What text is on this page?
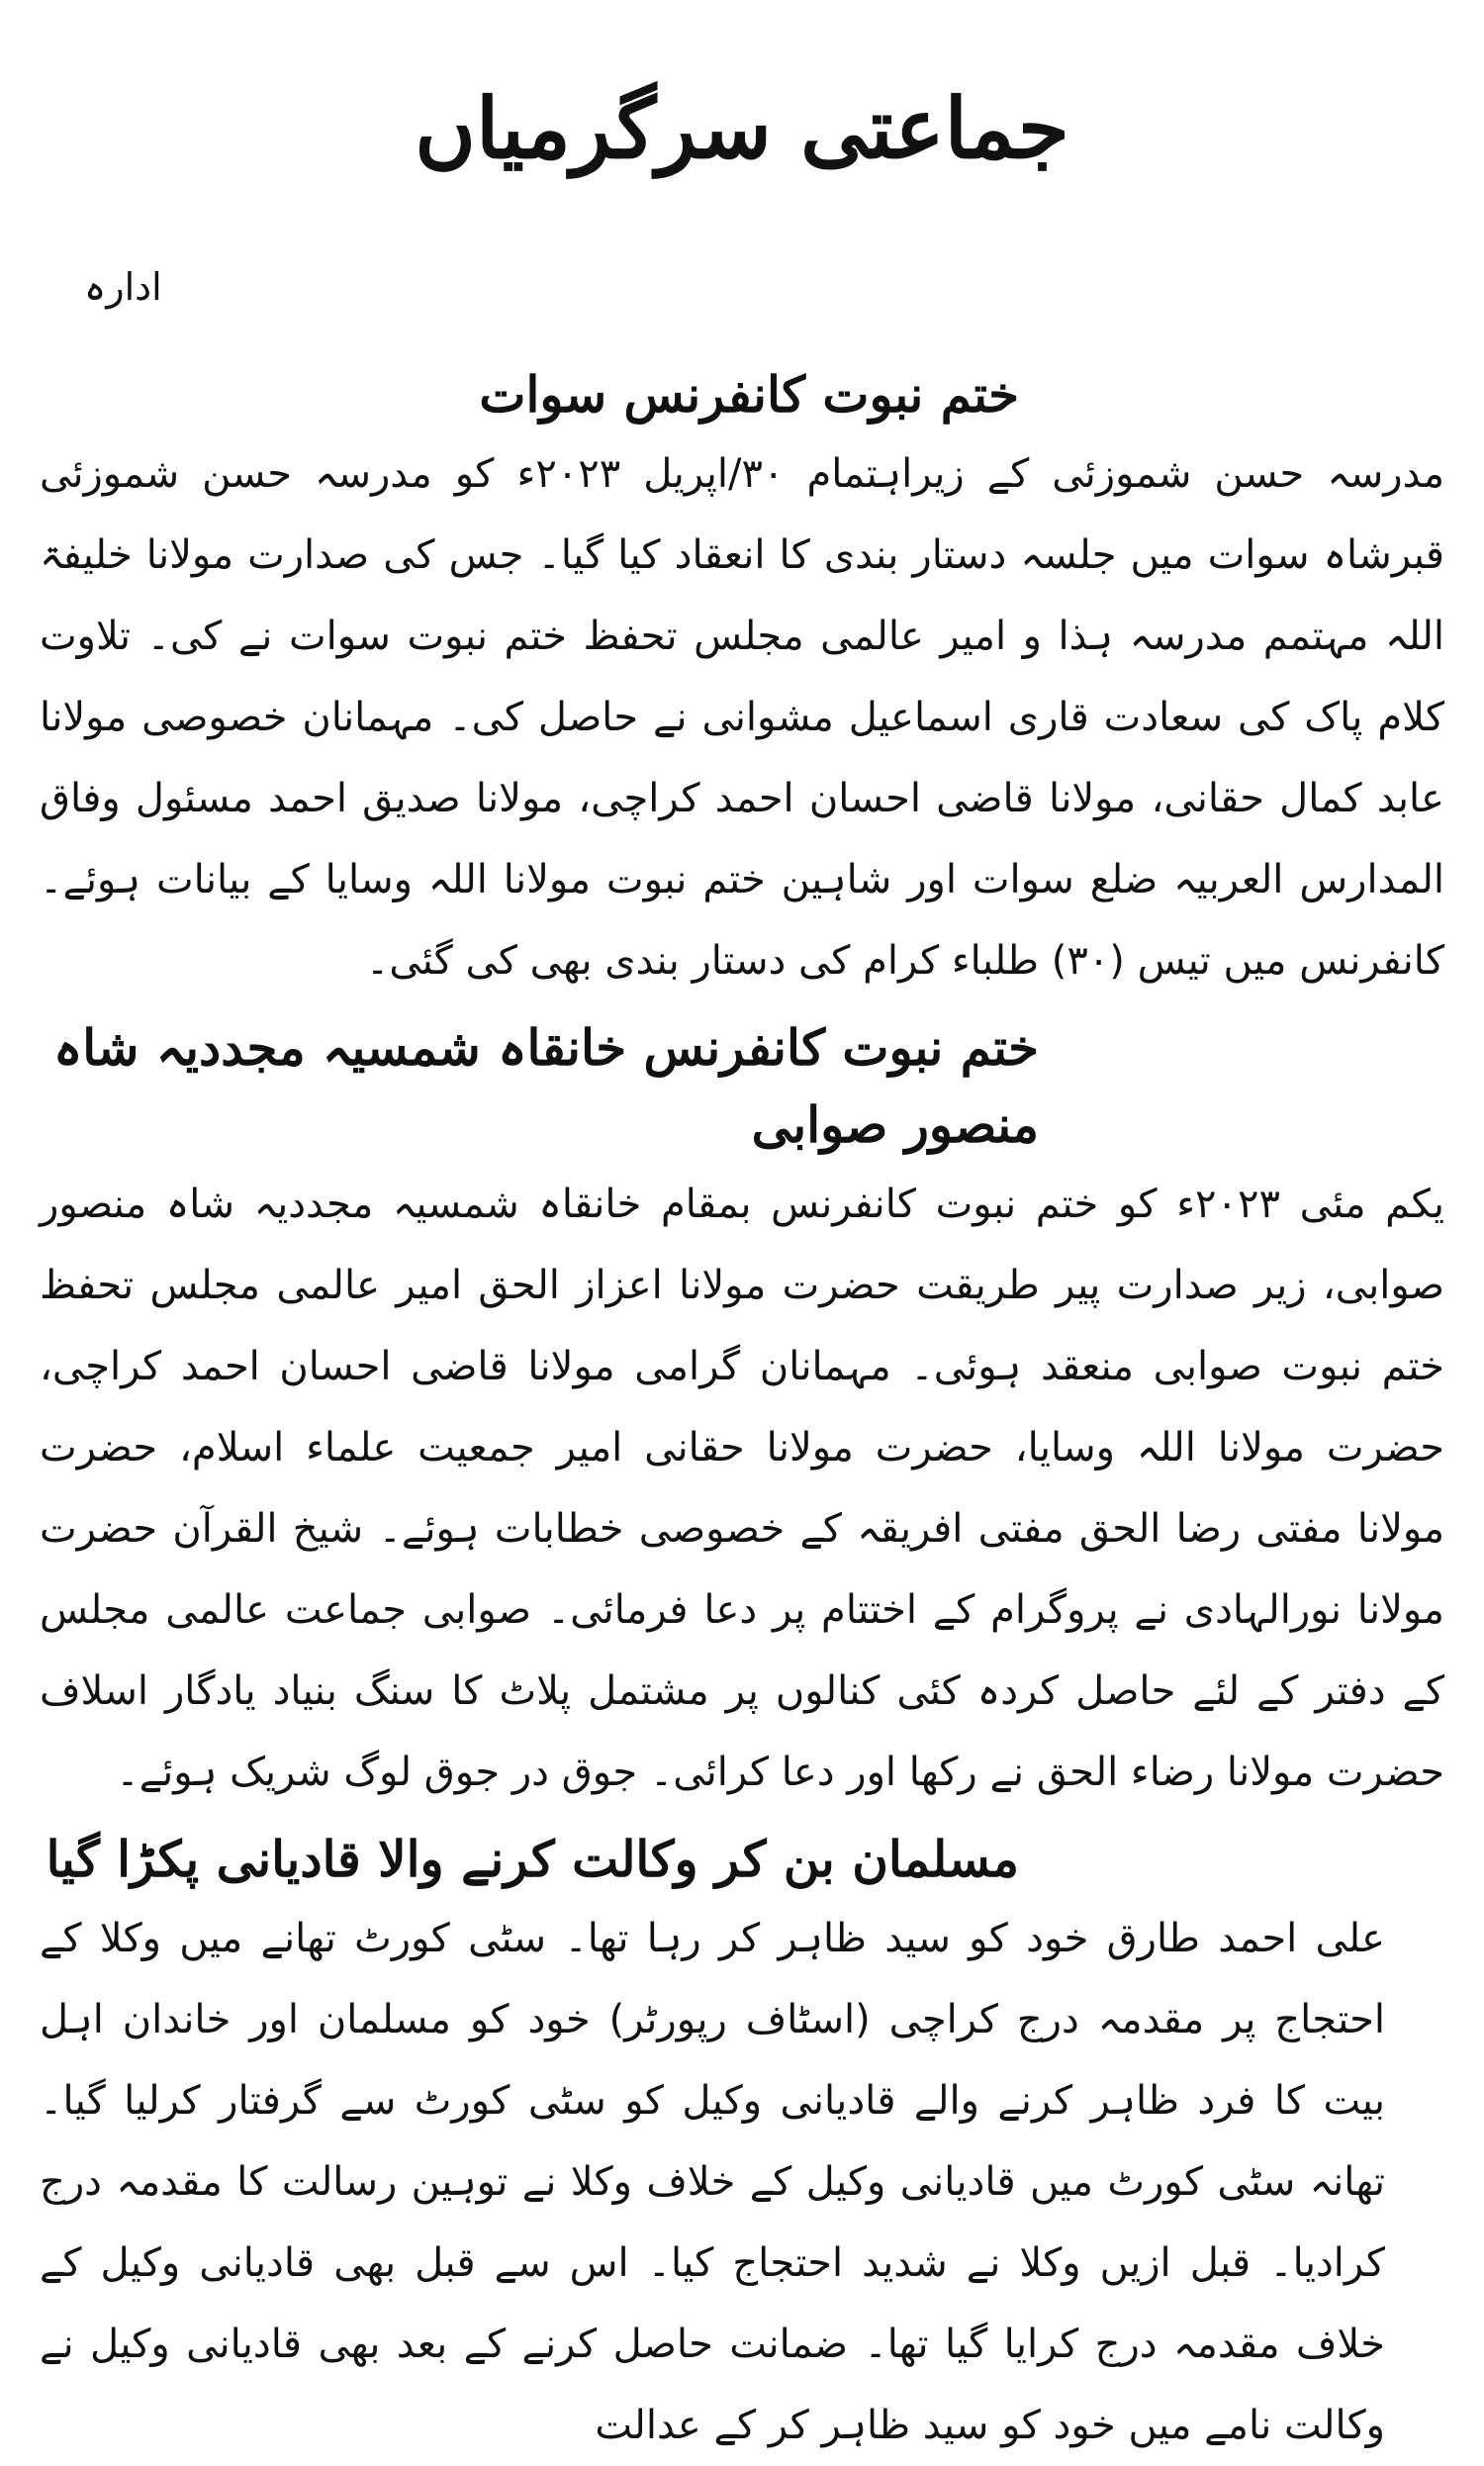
جماعتی سرگرمیاں
ادارہ
ختم نبوت کانفرنس سوات

مدرسہ حسن شموزئی کے زیراہتمام ۳۰/اپریل ۲۰۲۳ء کو مدرسہ حسن شموزئی قبرشاہ سوات میں جلسہ دستار بندی کا انعقاد کیا گیا۔ جس کی صدارت مولانا خلیفۃ اللہ مہتمم مدرسہ ہذا و امیر عالمی مجلس تحفظ ختم نبوت سوات نے کی۔ تلاوت کلام پاک کی سعادت قاری اسماعیل مشوانی نے حاصل کی۔ مہمانان خصوصی مولانا عابد کمال حقانی، مولانا قاضی احسان احمد کراچی، مولانا صدیق احمد مسئول وفاق المدارس العربیہ ضلع سوات اور شاہین ختم نبوت مولانا اللہ وسایا کے بیانات ہوئے۔ کانفرنس میں تیس (۳۰) طلباء کرام کی دستار بندی بھی کی گئی۔

ختم نبوت کانفرنس خانقاہ شمسیہ مجددیہ شاہ منصور صوابی

یکم مئی ۲۰۲۳ء کو ختم نبوت کانفرنس بمقام خانقاہ شمسیہ مجددیہ شاہ منصور صوابی، زیر صدارت پیر طریقت حضرت مولانا اعزاز الحق امیر عالمی مجلس تحفظ ختم نبوت صوابی منعقد ہوئی۔ مہمانان گرامی مولانا قاضی احسان احمد کراچی، حضرت مولانا اللہ وسایا، حضرت مولانا حقانی امیر جمعیت علماء اسلام، حضرت مولانا مفتی رضا الحق مفتی افریقہ کے خصوصی خطابات ہوئے۔ شیخ القرآن حضرت مولانا نورالہادی نے پروگرام کے اختتام پر دعا فرمائی۔ صوابی جماعت عالمی مجلس کے دفتر کے لئے حاصل کردہ کئی کنالوں پر مشتمل پلاٹ کا سنگ بنیاد یادگار اسلاف حضرت مولانا رضاء الحق نے رکھا اور دعا کرائی۔ جوق در جوق لوگ شریک ہوئے۔

مسلمان بن کر وکالت کرنے والا قادیانی پکڑا گیا

علی احمد طارق خود کو سید ظاہر کر رہا تھا۔ سٹی کورٹ تھانے میں وکلا کے احتجاج پر مقدمہ درج کراچی (اسٹاف رپورٹر) خود کو مسلمان اور خاندان اہل بیت کا فرد ظاہر کرنے والے قادیانی وکیل کو سٹی کورٹ سے گرفتار کرلیا گیا۔ تھانہ سٹی کورٹ میں قادیانی وکیل کے خلاف وکلا نے توہین رسالت کا مقدمہ درج کرادیا۔ قبل ازیں وکلا نے شدید احتجاج کیا۔ اس سے قبل بھی قادیانی وکیل کے خلاف مقدمہ درج کرایا گیا تھا۔ ضمانت حاصل کرنے کے بعد بھی قادیانی وکیل نے وکالت نامے میں خود کو سید ظاہر کر کے عدالت
